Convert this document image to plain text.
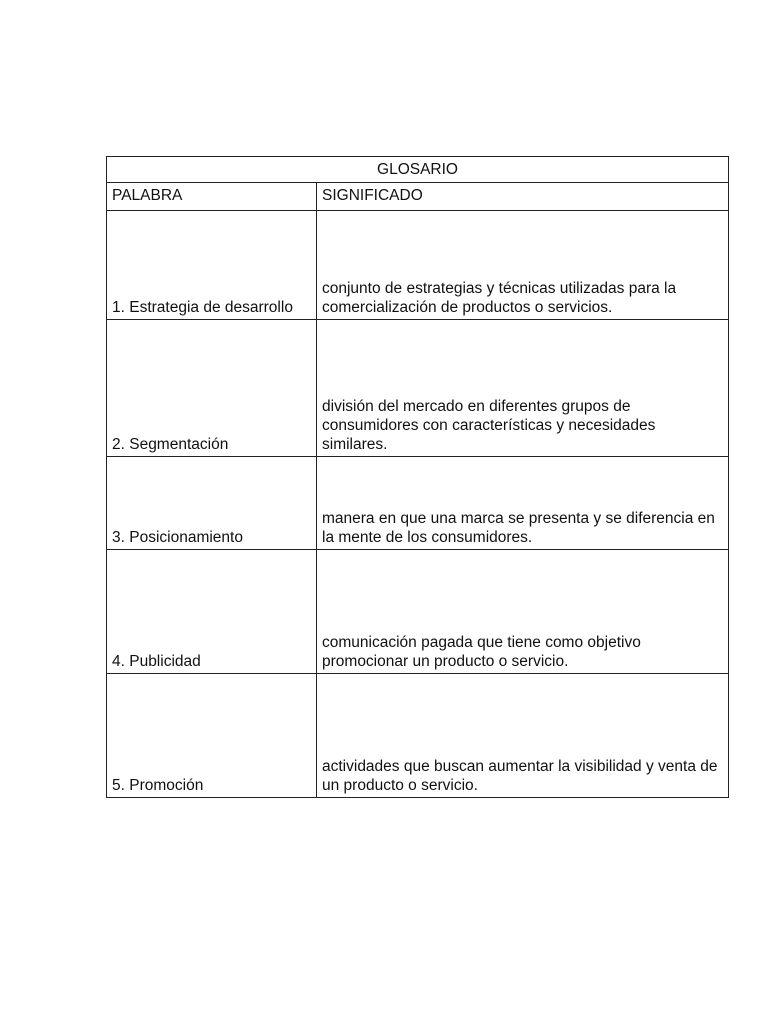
GLOSARIO	
PALABRA	SIGNIFICADO
1. Estrategia de desarrollo	conjunto de estrategias y técnicas utilizadas para la comercialización de productos o servicios.
2. Segmentación	división del mercado en diferentes grupos de consumidores con características y necesidades similares.
3. Posicionamiento	manera en que una marca se presenta y se diferencia en la mente de los consumidores.
4. Publicidad	comunicación pagada que tiene como objetivo promocionar un producto o servicio.
5. Promoción	actividades que buscan aumentar la visibilidad y venta de un producto o servicio.
